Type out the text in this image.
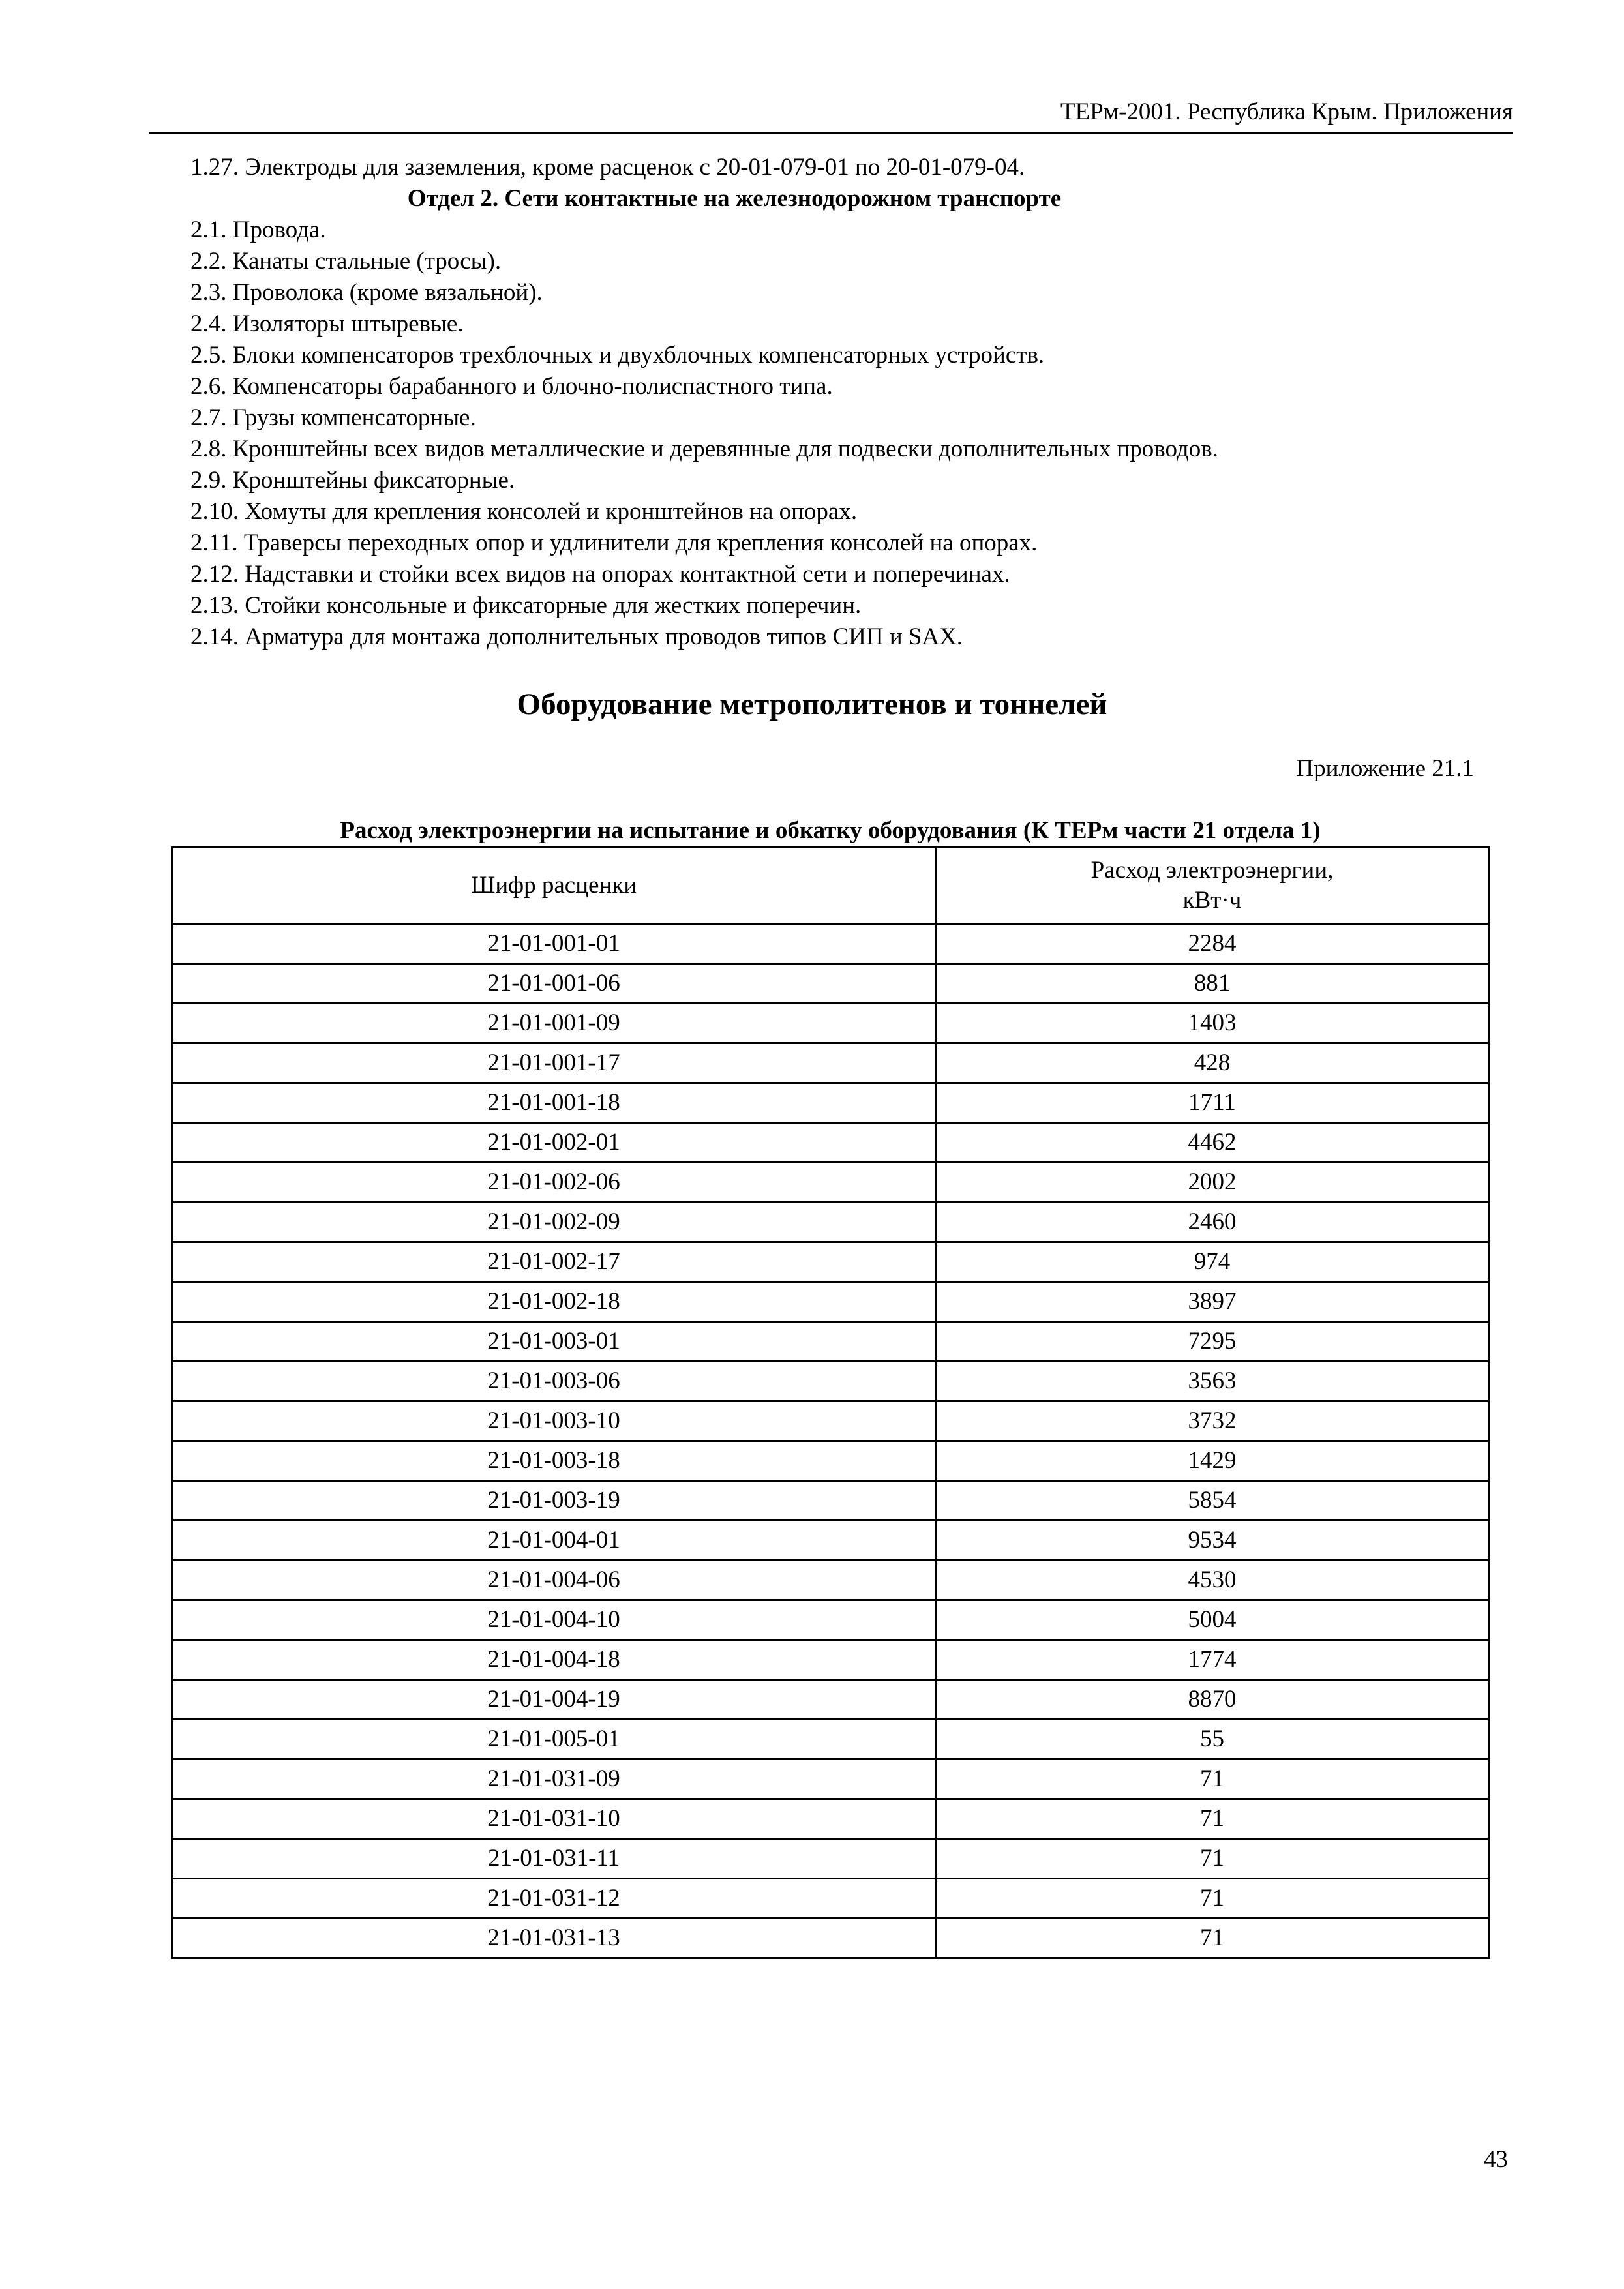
ТЕРм-2001. Республика Крым. Приложения
1.27. Электроды для заземления, кроме расценок с 20-01-079-01 по 20-01-079-04.
Отдел 2. Сети контактные на железнодорожном транспорте
2.1. Провода.
2.2. Канаты стальные (тросы).
2.3. Проволока (кроме вязальной).
2.4. Изоляторы штыревые.
2.5. Блоки компенсаторов трехблочных и двухблочных компенсаторных устройств.
2.6. Компенсаторы барабанного и блочно-полиспастного типа.
2.7. Грузы компенсаторные.
2.8. Кронштейны всех видов металлические и деревянные для подвески дополнительных проводов.
2.9. Кронштейны фиксаторные.
2.10. Хомуты для крепления консолей и кронштейнов на опорах.
2.11. Траверсы переходных опор и удлинители для крепления консолей на опорах.
2.12. Надставки и стойки всех видов на опорах контактной сети и поперечинах.
2.13. Стойки консольные и фиксаторные для жестких поперечин.
2.14. Арматура для монтажа дополнительных проводов типов СИП и SAX.
Оборудование метрополитенов и тоннелей
Приложение 21.1
Расход электроэнергии на испытание и обкатку оборудования (К ТЕРм части 21 отдела 1)
Шифр расценки	Расход электроэнергии,
кВт·ч
21-01-001-01	2284
21-01-001-06	881
21-01-001-09	1403
21-01-001-17	428
21-01-001-18	1711
21-01-002-01	4462
21-01-002-06	2002
21-01-002-09	2460
21-01-002-17	974
21-01-002-18	3897
21-01-003-01	7295
21-01-003-06	3563
21-01-003-10	3732
21-01-003-18	1429
21-01-003-19	5854
21-01-004-01	9534
21-01-004-06	4530
21-01-004-10	5004
21-01-004-18	1774
21-01-004-19	8870
21-01-005-01	55
21-01-031-09	71
21-01-031-10	71
21-01-031-11	71
21-01-031-12	71
21-01-031-13	71
43
